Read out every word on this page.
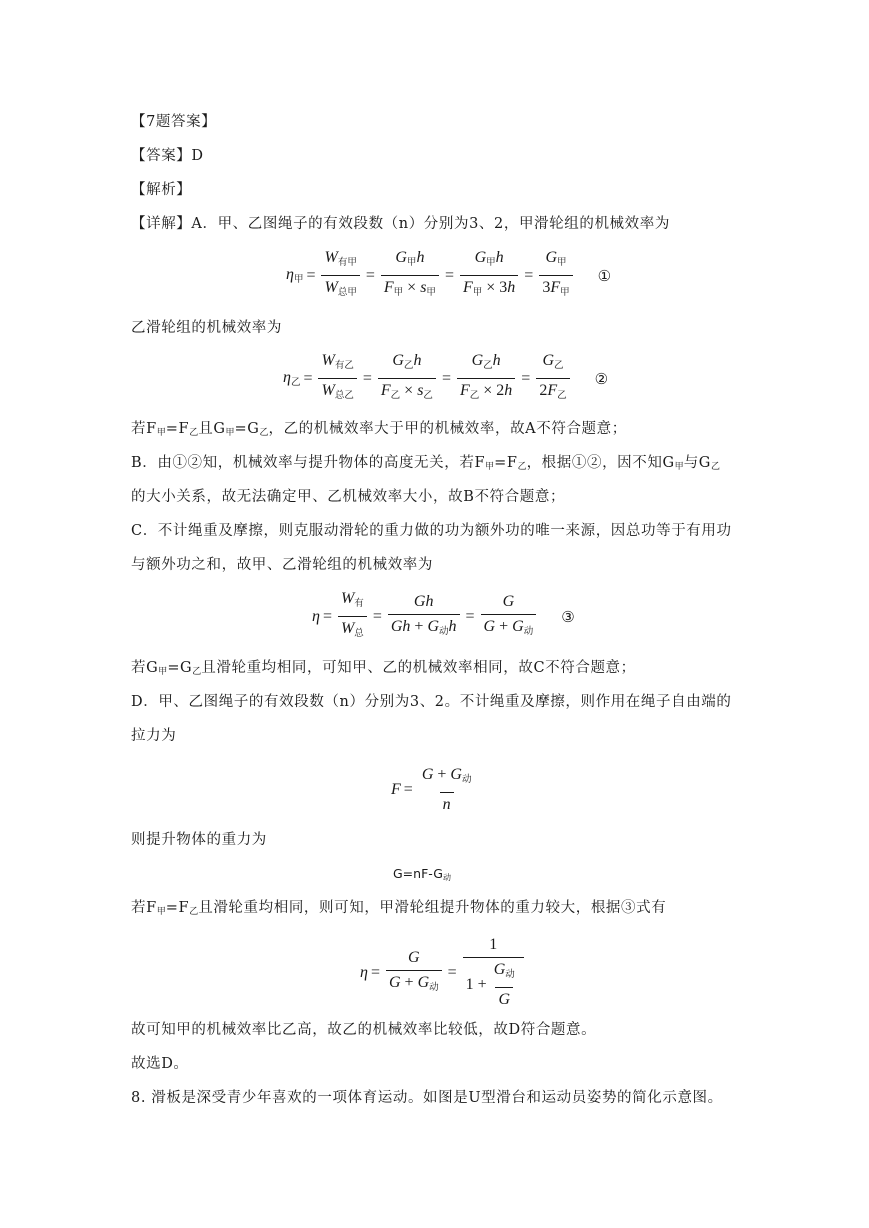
【7题答案】
【答案】D
【解析】
【详解】A．甲、乙图绳子的有效段数（n）分别为3、2，甲滑轮组的机械效率为
η甲 = $\frac{\text{W有甲}}{\text{W总甲}} = \frac{\text{G甲h}}{\text{F甲 × s甲}} = \frac{\text{G甲h}}{\text{F甲 × 3h}} = \frac{\text{G甲}}{\text{3F甲}}$ ①
乙滑轮组的机械效率为
η乙 = $\frac{\text{W有乙}}{\text{W总乙}} = \frac{\text{G乙h}}{\text{F乙 × s乙}} = \frac{\text{G乙h}}{\text{F乙 × 2h}} = \frac{\text{G乙}}{\text{2F乙}}$ ②
若$F_甲=F_乙$且$G_甲=G_乙$，乙的机械效率大于甲的机械效率，故A不符合题意；
B．由①②知，机械效率与提升物体的高度无关，若$F_甲=F_乙$，根据①②，因不知$G_甲$与$G_乙$
的大小关系，故无法确定甲、乙机械效率大小，故B不符合题意；
C．不计绳重及摩擦，则克服动滑轮的重力做的功为额外功的唯一来源，因总功等于有用功
与额外功之和，故甲、乙滑轮组的机械效率为
$\eta = \frac{\text{W有}}{\text{W总}} = \frac{Gh}{\text{Gh + G动h}} = \frac{G}{\text{G + G动}}$ ③
若$G_甲=G_乙$且滑轮重均相同，可知甲、乙的机械效率相同，故C不符合题意；
D．甲、乙图绳子的有效段数（n）分别为3、2。不计绳重及摩擦，则作用在绳子自由端的
拉力为
$F = \frac{\text{G + G动}}{n}$
则提升物体的重力为
$G=nF-G_动$
若$F_甲=F_乙$且滑轮重均相同，则可知，甲滑轮组提升物体的重力较大，根据③式有
$\eta = \frac{G}{\text{G + G动}} = \frac{1}{1 + \frac{\text{G动}}{G}}$
故可知甲的机械效率比乙高，故乙的机械效率比较低，故D符合题意。
故选D。
8. 滑板是深受青少年喜欢的一项体育运动。如图是U型滑台和运动员姿势的简化示意图。
